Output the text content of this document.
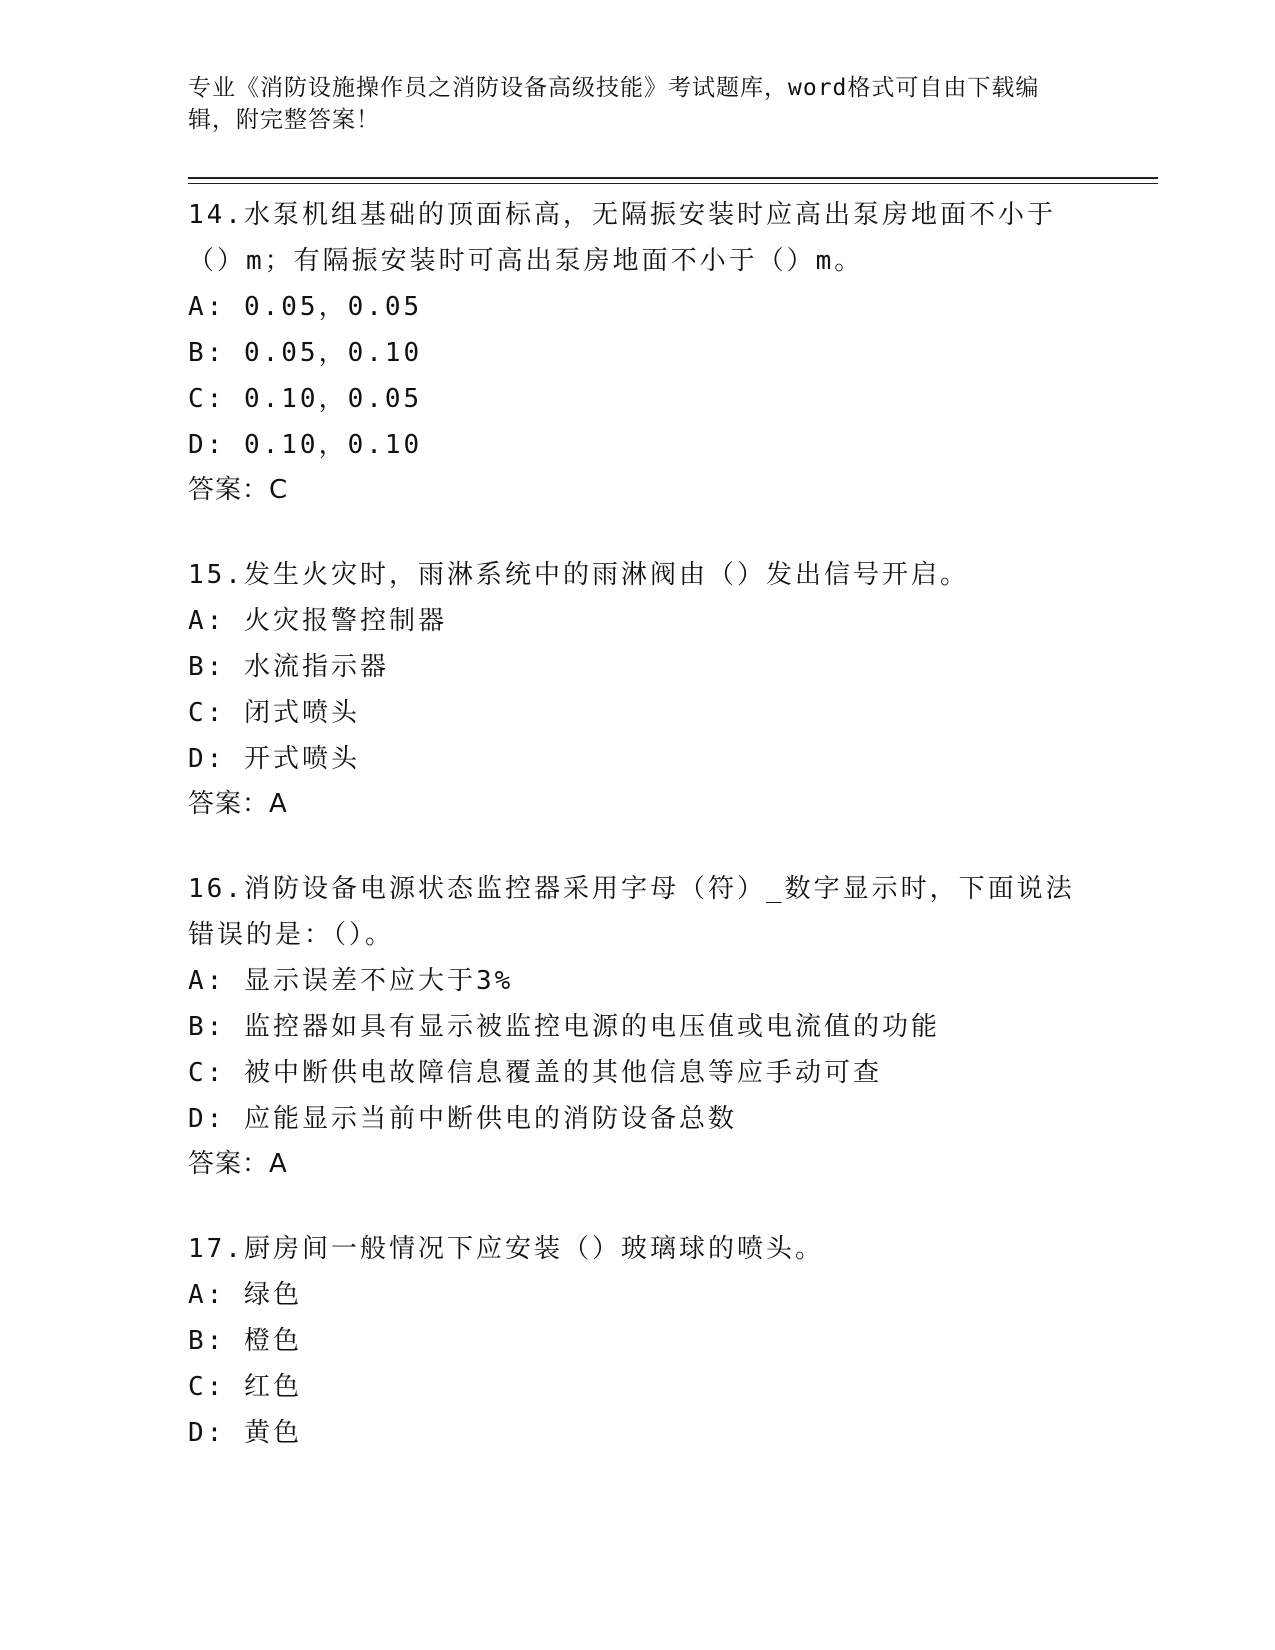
专业《消防设施操作员之消防设备高级技能》考试题库，word格式可自由下载编辑，附完整答案！

14.水泵机组基础的顶面标高，无隔振安装时应高出泵房地面不小于（）m；有隔振安装时可高出泵房地面不小于（）m。

A: 0.05，0.05

B: 0.05，0.10

C: 0.10，0.05

D: 0.10，0.10

答案：C

15.发生火灾时，雨淋系统中的雨淋阀由（）发出信号开启。

A: 火灾报警控制器

B: 水流指示器

C: 闭式喷头

D: 开式喷头

答案：A

16.消防设备电源状态监控器采用字母（符）_数字显示时，下面说法错误的是：（）。

A: 显示误差不应大于3%

B: 监控器如具有显示被监控电源的电压值或电流值的功能

C: 被中断供电故障信息覆盖的其他信息等应手动可查

D: 应能显示当前中断供电的消防设备总数

答案：A

17.厨房间一般情况下应安装（）玻璃球的喷头。

A: 绿色

B: 橙色

C: 红色

D: 黄色
